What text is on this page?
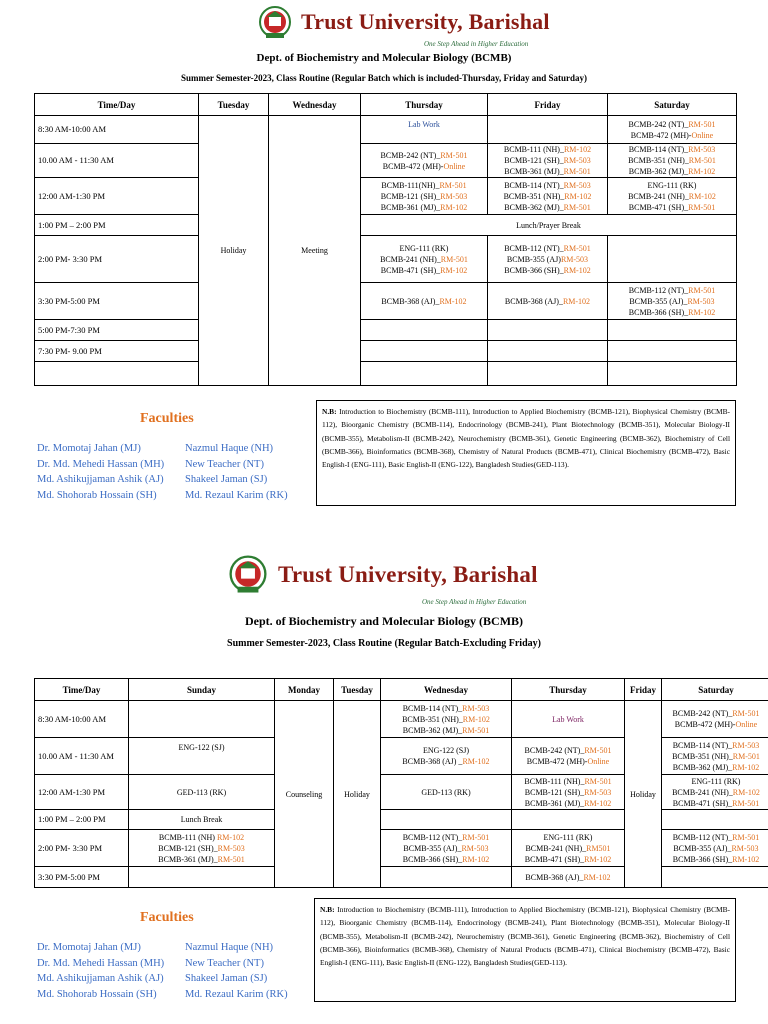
Trust University, Barishal
One Step Ahead in Higher Education
Dept. of Biochemistry and Molecular Biology (BCMB)
Summer Semester-2023, Class Routine (Regular Batch which is included-Thursday, Friday and Saturday)
Time/Day	Tuesday	Wednesday	Thursday	Friday	Saturday
8:30 AM-10:00 AM	Holiday	Meeting	Lab Work		BCMB-242 (NT)_RM-501
BCMB-472 (MH)-Online

10.00 AM - 11:30 AM			BCMB-242 (NT)_RM-501
BCMB-472 (MH)-Online	BCMB-111 (NH)_RM-102
BCMB-121 (SH)_RM-503
BCMB-361 (MJ)_RM-501	BCMB-114 (NT)_RM-503
BCMB-351 (NH)_RM-501
BCMB-362 (MJ)_RM-102

12:00 AM-1:30 PM			BCMB-111(NH)_RM-501
BCMB-121 (SH)_RM-503
BCMB-361 (MJ)_RM-102	BCMB-114 (NT)_RM-503
BCMB-351 (NH)_RM-102
BCMB-362 (MJ)_RM-501	ENG-111 (RK)
BCMB-241 (NH)_RM-102
BCMB-471 (SH)_RM-501

1:00 PM – 2:00 PM			Lunch/Prayer Break		
2:00 PM- 3:30 PM			ENG-111 (RK)
BCMB-241 (NH)_RM-501
BCMB-471 (SH)_RM-102	BCMB-112 (NT)_RM-501
BCMB-355 (AJ)RM-503
BCMB-366 (SH)_RM-102	

3:30 PM-5:00 PM			BCMB-368 (AJ)_RM-102	BCMB-368 (AJ)_RM-102	BCMB-112 (NT)_RM-501
BCMB-355 (AJ)_RM-503
BCMB-366 (SH)_RM-102

5:00 PM-7:30 PM					
7:30 PM- 9.00 PM					

Faculties
Dr. Momotaj Jahan (MJ)	Nazmul Haque (NH)
Dr. Md. Mehedi Hassan (MH)	New Teacher (NT)
Md. Ashikujjaman Ashik (AJ)	Shakeel Jaman (SJ)
Md. Shohorab Hossain (SH)	Md. Rezaul Karim (RK)
N.B: Introduction to Biochemistry (BCMB-111), Introduction to Applied Biochemistry (BCMB-121), Biophysical Chemistry (BCMB-112), Bioorganic Chemistry (BCMB-114), Endocrinology (BCMB-241), Plant Biotechnology (BCMB-351), Molecular Biology-II (BCMB-355), Metabolism-II (BCMB-242), Neurochemistry (BCMB-361), Genetic Engineering (BCMB-362), Biochemistry of Cell (BCMB-366), Bioinformatics (BCMB-368), Chemistry of Natural Products (BCMB-471), Clinical Biochemistry (BCMB-472), Basic English-I (ENG-111), Basic English-II (ENG-122), Bangladesh Studies(GED-113).
Trust University, Barishal
One Step Ahead in Higher Education
Dept. of Biochemistry and Molecular Biology (BCMB)
Summer Semester-2023, Class Routine (Regular Batch-Excluding Friday)
Time/Day	Sunday	Monday	Tuesday	Wednesday	Thursday	Friday	Saturday
8:30 AM-10:00 AM		Counseling	Holiday	BCMB-114 (NT)_RM-503
BCMB-351 (NH)_RM-102
BCMB-362 (MJ)_RM-501	Lab Work	Holiday	BCMB-242 (NT)_RM-501
BCMB-472 (MH)-Online

10.00 AM - 11:30 AM	ENG-122 (SJ)			ENG-122 (SJ)
BCMB-368 (AJ) _RM-102	BCMB-242 (NT)_RM-501
BCMB-472 (MH)-Online		BCMB-114 (NT)_RM-503
BCMB-351 (NH)_RM-501
BCMB-362 (MJ)_RM-102

12:00 AM-1:30 PM	GED-113 (RK)			GED-113 (RK)	BCMB-111 (NH)_RM-501
BCMB-121 (SH)_RM-503
BCMB-361 (MJ)_RM-102		ENG-111 (RK)
BCMB-241 (NH)_RM-102
BCMB-471 (SH)_RM-501

1:00 PM – 2:00 PM	Lunch Break						
2:00 PM- 3:30 PM	BCMB-111 (NH) RM-102
BCMB-121 (SH)_RM-503
BCMB-361 (MJ)_RM-501			BCMB-112 (NT)_RM-501
BCMB-355 (AJ)_RM-503
BCMB-366 (SH)_RM-102	ENG-111 (RK)
BCMB-241 (NH)_RM501
BCMB-471 (SH)_RM-102		BCMB-112 (NT)_RM-501
BCMB-355 (AJ)_RM-503
BCMB-366 (SH)_RM-102

3:30 PM-5:00 PM					BCMB-368 (AJ)_RM-102		

Faculties
Dr. Momotaj Jahan (MJ)	Nazmul Haque (NH)
Dr. Md. Mehedi Hassan (MH)	New Teacher (NT)
Md. Ashikujjaman Ashik (AJ)	Shakeel Jaman (SJ)
Md. Shohorab Hossain (SH)	Md. Rezaul Karim (RK)
N.B: Introduction to Biochemistry (BCMB-111), Introduction to Applied Biochemistry (BCMB-121), Biophysical Chemistry (BCMB-112), Bioorganic Chemistry (BCMB-114), Endocrinology (BCMB-241), Plant Biotechnology (BCMB-351), Molecular Biology-II (BCMB-355), Metabolism-II (BCMB-242), Neurochemistry (BCMB-361), Genetic Engineering (BCMB-362), Biochemistry of Cell (BCMB-366), Bioinformatics (BCMB-368), Chemistry of Natural Products (BCMB-471), Clinical Biochemistry (BCMB-472), Basic English-I (ENG-111), Basic English-II (ENG-122), Bangladesh Studies(GED-113).
